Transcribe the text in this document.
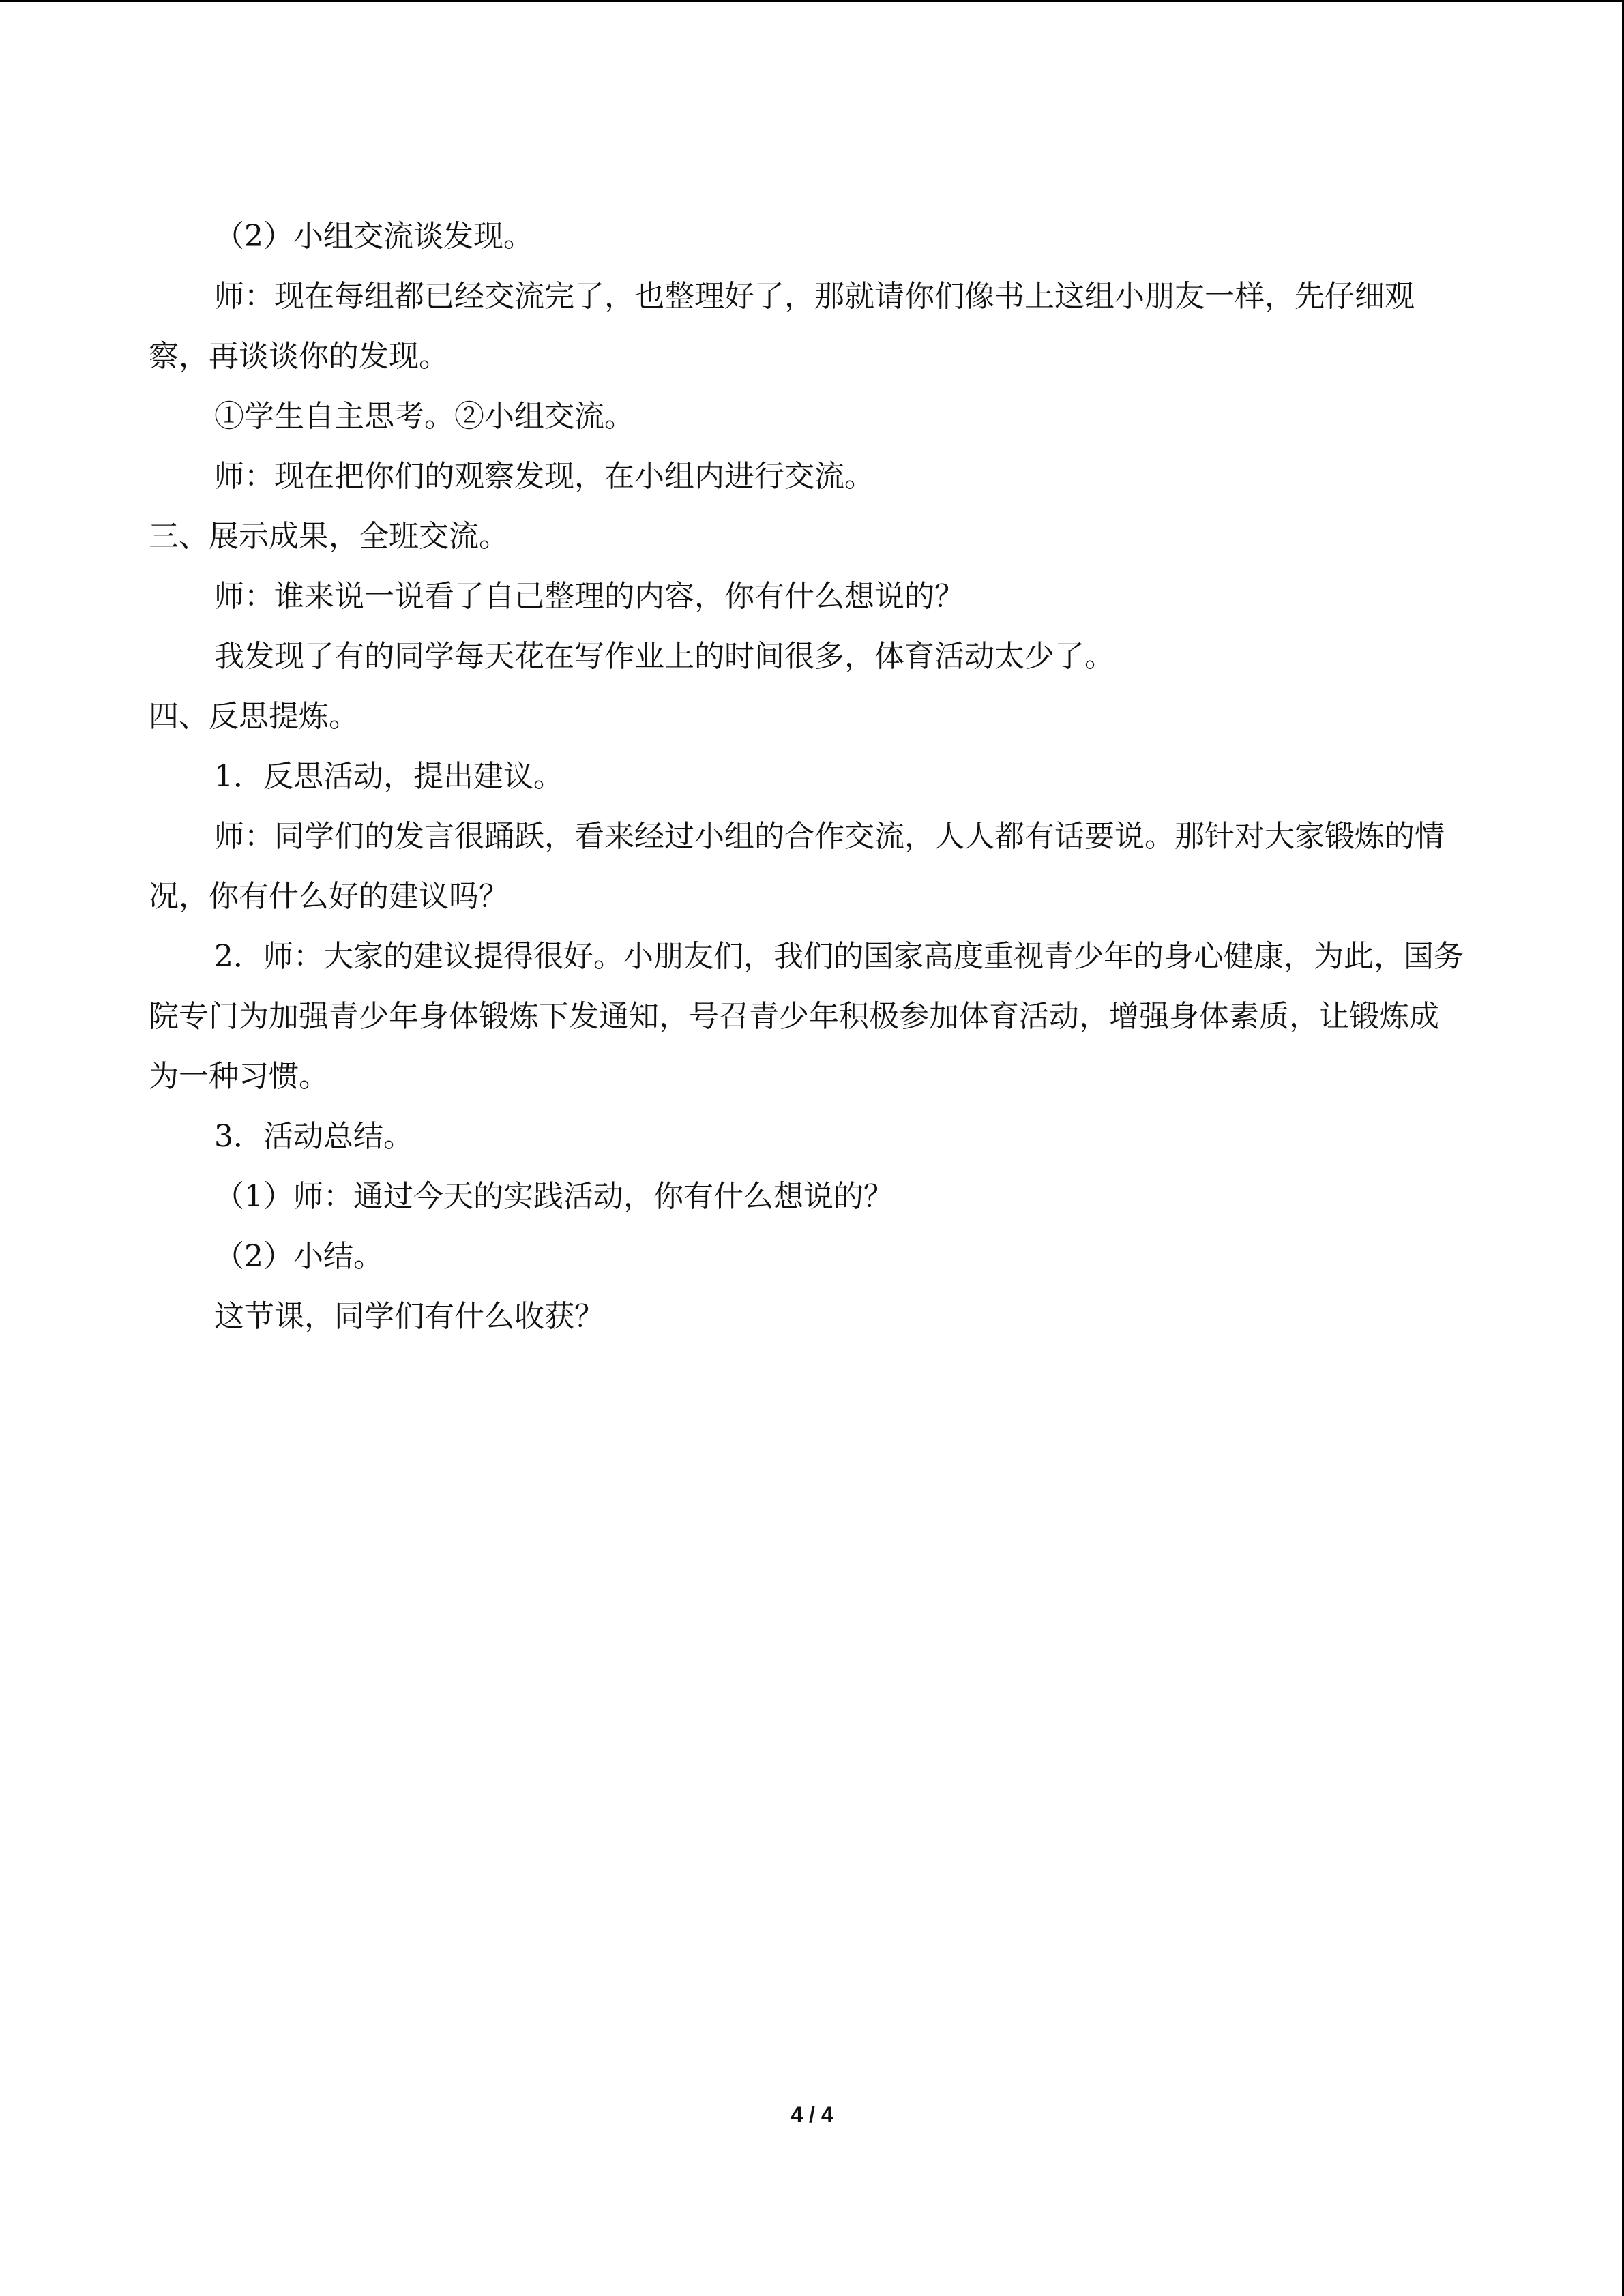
（2）小组交流谈发现。

师：现在每组都已经交流完了，也整理好了，那就请你们像书上这组小朋友一样，先仔细观察，再谈谈你的发现。

①学生自主思考。②小组交流。

师：现在把你们的观察发现，在小组内进行交流。

三、展示成果，全班交流。

师：谁来说一说看了自己整理的内容，你有什么想说的？

我发现了有的同学每天花在写作业上的时间很多，体育活动太少了。

四、反思提炼。

1．反思活动，提出建议。

师：同学们的发言很踊跃，看来经过小组的合作交流，人人都有话要说。那针对大家锻炼的情况，你有什么好的建议吗？

2．师：大家的建议提得很好。小朋友们，我们的国家高度重视青少年的身心健康，为此，国务院专门为加强青少年身体锻炼下发通知，号召青少年积极参加体育活动，增强身体素质，让锻炼成为一种习惯。

3．活动总结。

（1）师：通过今天的实践活动，你有什么想说的？

（2）小结。

这节课，同学们有什么收获？

4 / 4
